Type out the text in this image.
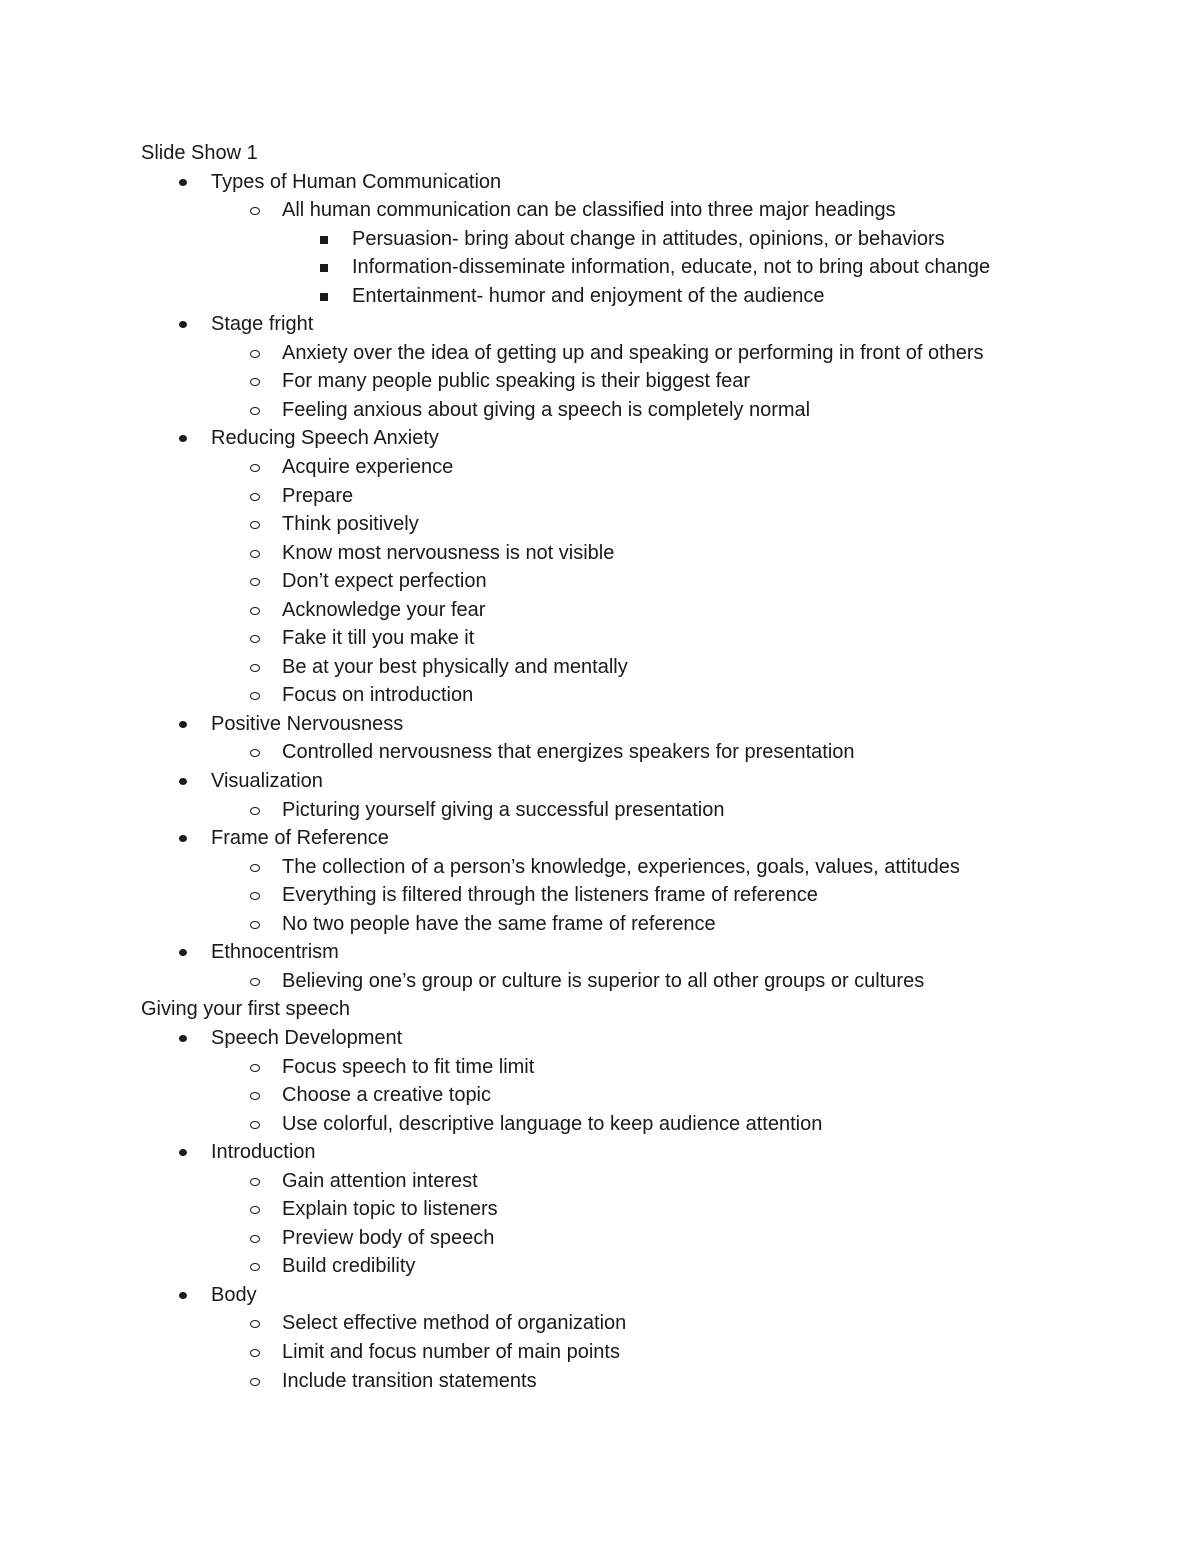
Slide Show 1
Types of Human Communication
All human communication can be classified into three major headings
Persuasion- bring about change in attitudes, opinions, or behaviors
Information-disseminate information, educate, not to bring about change
Entertainment- humor and enjoyment of the audience
Stage fright
Anxiety over the idea of getting up and speaking or performing in front of others
For many people public speaking is their biggest fear
Feeling anxious about giving a speech is completely normal
Reducing Speech Anxiety
Acquire experience
Prepare
Think positively
Know most nervousness is not visible
Don’t expect perfection
Acknowledge your fear
Fake it till you make it
Be at your best physically and mentally
Focus on introduction
Positive Nervousness
Controlled nervousness that energizes speakers for presentation
Visualization
Picturing yourself giving a successful presentation
Frame of Reference
The collection of a person’s knowledge, experiences, goals, values, attitudes
Everything is filtered through the listeners frame of reference
No two people have the same frame of reference
Ethnocentrism
Believing one’s group or culture is superior to all other groups or cultures
Giving your first speech
Speech Development
Focus speech to fit time limit
Choose a creative topic
Use colorful, descriptive language to keep audience attention
Introduction
Gain attention interest
Explain topic to listeners
Preview body of speech
Build credibility
Body
Select effective method of organization
Limit and focus number of main points
Include transition statements
